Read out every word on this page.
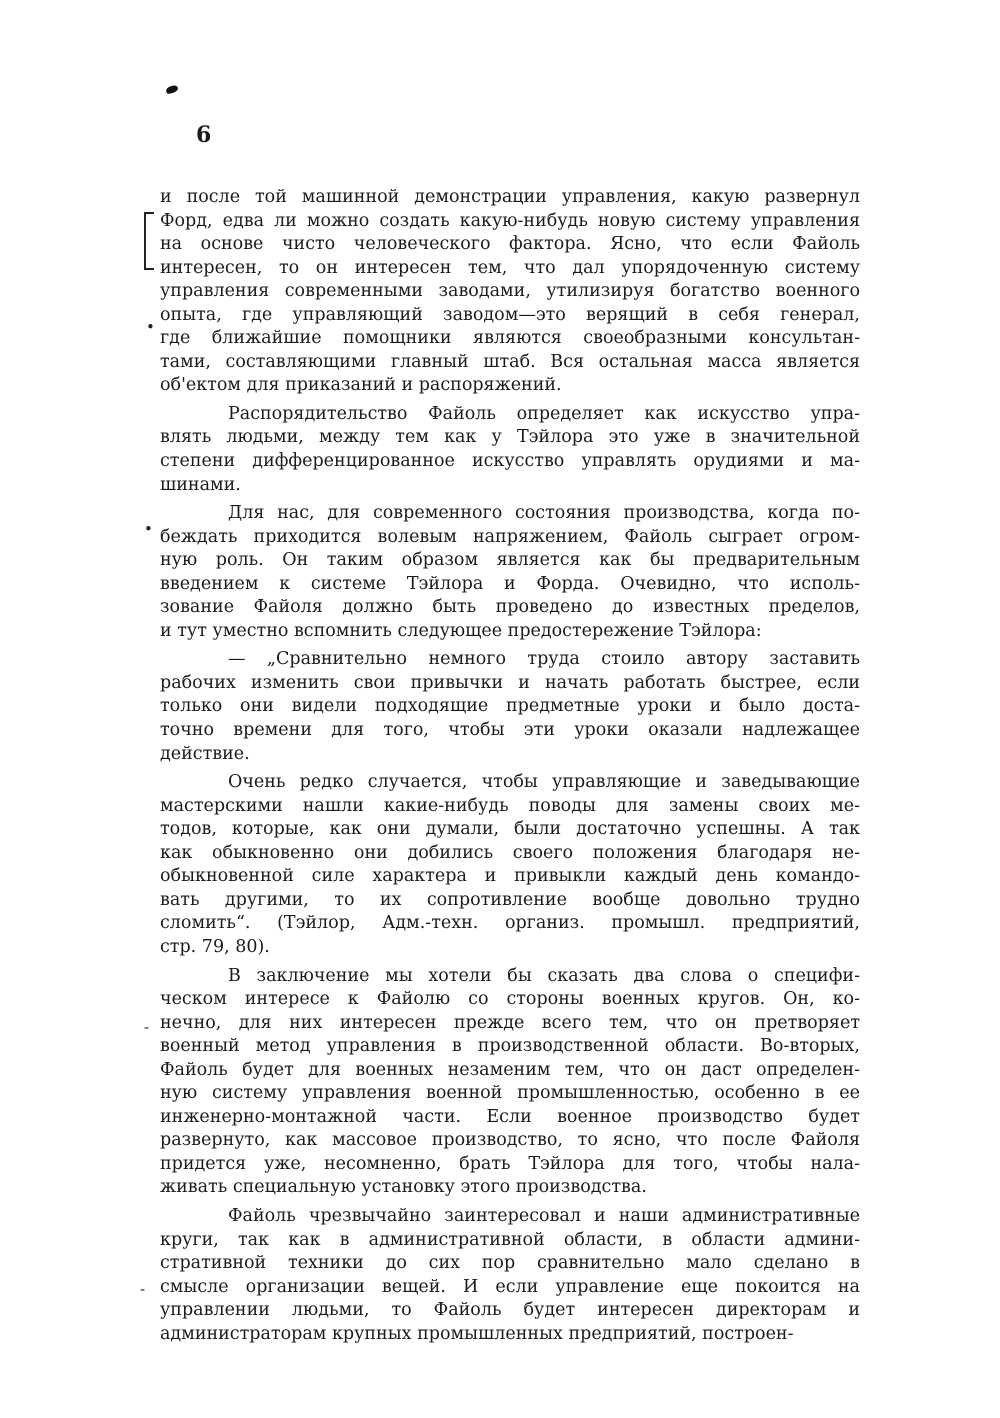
6
•
•
-
-
и после той машинной демонстрации управления, какую развернул
Форд, едва ли можно создать какую-нибудь новую систему управления
на основе чисто человеческого фактора. Ясно, что если Файоль
интересен, то он интересен тем, что дал упорядоченную систему
управления современными заводами, утилизируя богатство военного
опыта, где управляющий заводом—это верящий в себя генерал,
где ближайшие помощники являются своеобразными консультан-
тами, составляющими главный штаб. Вся остальная масса является
об'ектом для приказаний и распоряжений.
Распорядительство Файоль определяет как искусство упра-
влять людьми, между тем как у Тэйлора это уже в значительной
степени дифференцированное искусство управлять орудиями и ма-
шинами.
Для нас, для современного состояния производства, когда по-
беждать приходится волевым напряжением, Файоль сыграет огром-
ную роль. Он таким образом является как бы предварительным
введением к системе Тэйлора и Форда. Очевидно, что исполь-
зование Файоля должно быть проведено до известных пределов,
и тут уместно вспомнить следующее предостережение Тэйлора:
— „Сравнительно немного труда стоило автору заставить
рабочих изменить свои привычки и начать работать быстрее, если
только они видели подходящие предметные уроки и было доста-
точно времени для того, чтобы эти уроки оказали надлежащее
действие.
Очень редко случается, чтобы управляющие и заведывающие
мастерскими нашли какие-нибудь поводы для замены своих ме-
тодов, которые, как они думали, были достаточно успешны. А так
как обыкновенно они добились своего положения благодаря не-
обыкновенной силе характера и привыкли каждый день командо-
вать другими, то их сопротивление вообще довольно трудно
сломить“. (Тэйлор, Адм.-техн. организ. промышл. предприятий,
стр. 79, 80).
В заключение мы хотели бы сказать два слова о специфи-
ческом интересе к Файолю со стороны военных кругов. Он, ко-
нечно, для них интересен прежде всего тем, что он претворяет
военный метод управления в производственной области. Во-вторых,
Файоль будет для военных незаменим тем, что он даст определен-
ную систему управления военной промышленностью, особенно в ее
инженерно-монтажной части. Если военное производство будет
развернуто, как массовое производство, то ясно, что после Файоля
придется уже, несомненно, брать Тэйлора для того, чтобы нала-
живать специальную установку этого производства.
Файоль чрезвычайно заинтересовал и наши административные
круги, так как в административной области, в области админи-
стративной техники до сих пор сравнительно мало сделано в
смысле организации вещей. И если управление еще покоится на
управлении людьми, то Файоль будет интересен директорам и
администраторам крупных промышленных предприятий, построен-
